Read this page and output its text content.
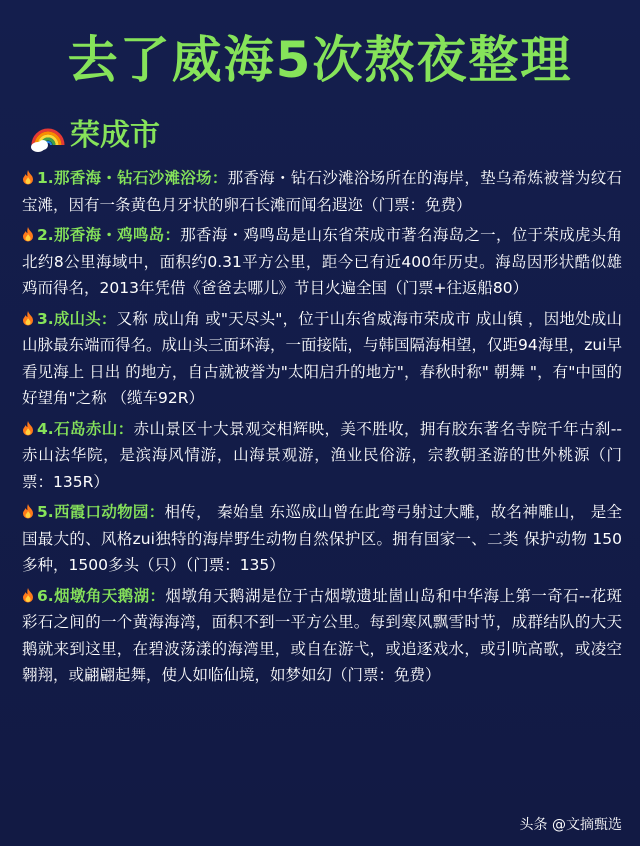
去了威海5次熬夜整理
荣成市

1.那香海・钻石沙滩浴场：那香海・钻石沙滩浴场所在的海岸，垫乌希炼被誉为纹石宝滩，因有一条黄色月牙状的卵石长滩而闻名遐迩（门票：免费）

2.那香海・鸡鸣岛：那香海・鸡鸣岛是山东省荣成市著名海岛之一，位于荣成虎头角北约8公里海域中，面积约0.31平方公里，距今已有近400年历史。海岛因形状酷似雄鸡而得名，2013年凭借《爸爸去哪儿》节目火遍全国（门票+往返船80）

3.成山头：又称 成山角 或"天尽头"，位于山东省威海市荣成市 成山镇 ，因地处成山山脉最东端而得名。成山头三面环海，一面接陆，与韩国隔海相望，仅距94海里，zui早看见海上 日出 的地方，自古就被誉为"太阳启升的地方"，春秋时称" 朝舞 "，有"中国的好望角"之称 （缆车92R）

4.石岛赤山：赤山景区十大景观交相辉映，美不胜收，拥有胶东著名寺院千年古刹--赤山法华院，是滨海风情游，山海景观游，渔业民俗游，宗教朝圣游的世外桃源（门票：135R）

5.西霞口动物园：相传， 秦始皇 东巡成山曾在此弯弓射过大雕，故名神雕山， 是全国最大的、风格zui独特的海岸野生动物自然保护区。拥有国家一、二类 保护动物 150多种，1500多头（只）（门票：135）

6.烟墩角天鹅湖：烟墩角天鹅湖是位于古烟墩遗址崮山岛和中华海上第一奇石--花斑彩石之间的一个黄海海湾，面积不到一平方公里。每到寒风飘雪时节，成群结队的大天鹅就来到这里，在碧波荡漾的海湾里，或自在游弋，或追逐戏水，或引吭高歌，或凌空翱翔，或翩翩起舞，使人如临仙境，如梦如幻（门票：免费）

头条 @文摘甄选
